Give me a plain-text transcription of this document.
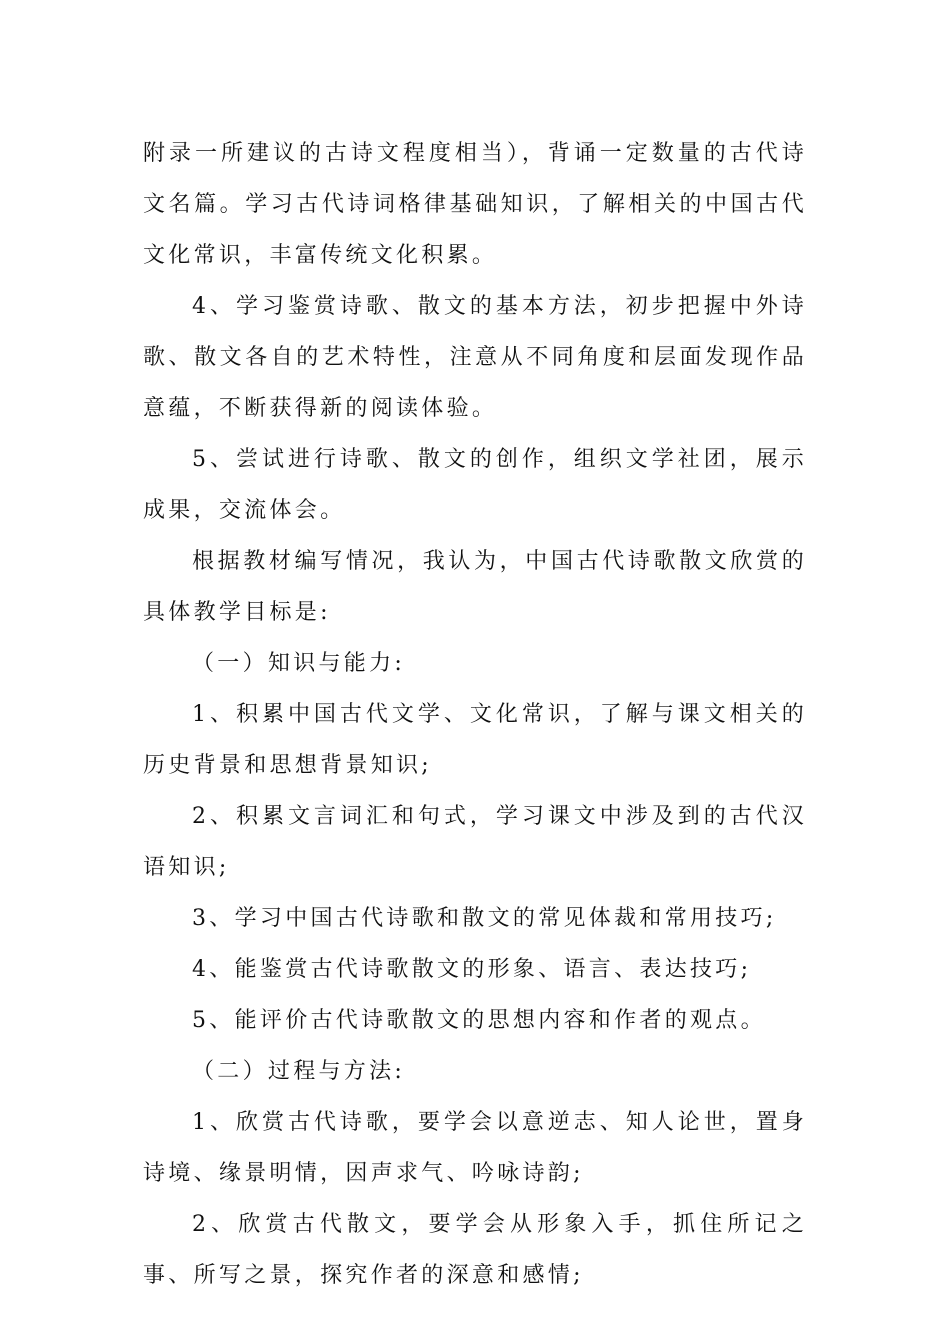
附录一所建议的古诗文程度相当），背诵一定数量的古代诗文名篇。学习古代诗词格律基础知识，了解相关的中国古代文化常识，丰富传统文化积累。

4、学习鉴赏诗歌、散文的基本方法，初步把握中外诗歌、散文各自的艺术特性，注意从不同角度和层面发现作品意蕴，不断获得新的阅读体验。

5、尝试进行诗歌、散文的创作，组织文学社团，展示成果，交流体会。

根据教材编写情况，我认为，中国古代诗歌散文欣赏的具体教学目标是:

（一）知识与能力:

1、积累中国古代文学、文化常识，了解与课文相关的历史背景和思想背景知识;

2、积累文言词汇和句式，学习课文中涉及到的古代汉语知识;

3、学习中国古代诗歌和散文的常见体裁和常用技巧;

4、能鉴赏古代诗歌散文的形象、语言、表达技巧;

5、能评价古代诗歌散文的思想内容和作者的观点。

（二）过程与方法:

1、欣赏古代诗歌，要学会以意逆志、知人论世，置身诗境、缘景明情，因声求气、吟咏诗韵;

2、欣赏古代散文，要学会从形象入手，抓住所记之事、所写之景，探究作者的深意和感情;
